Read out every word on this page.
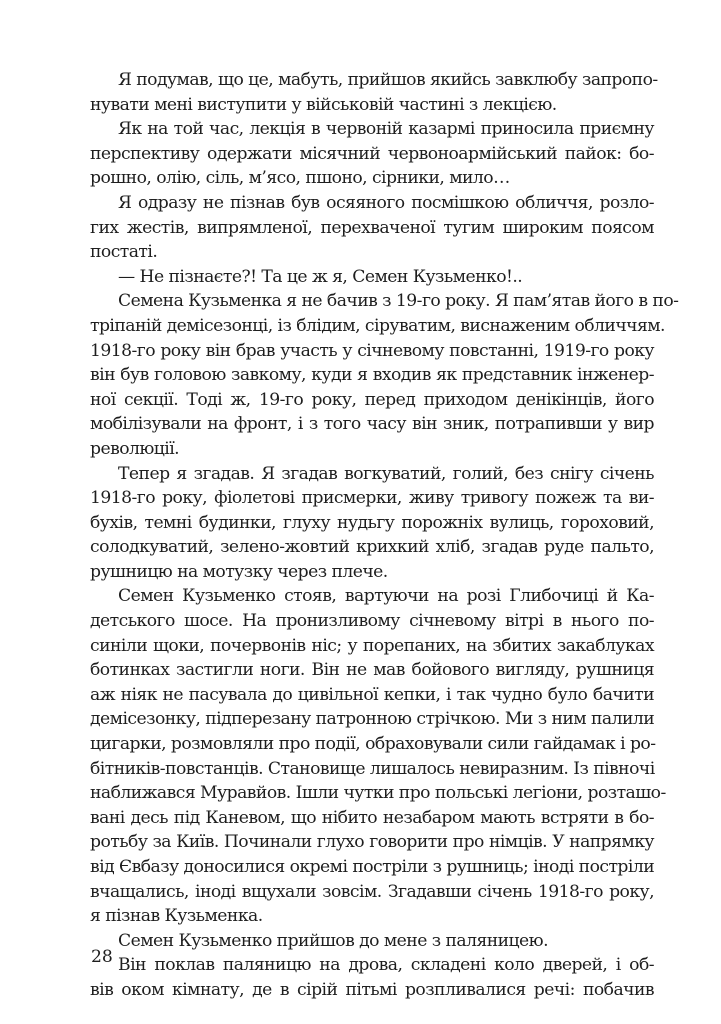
Я подумав, що це, мабуть, прийшов якийсь завклюбу запропо-
нувати мені виступити у військовій частині з лекцією.
Як на той час, лекція в червоній казармі приносила приємну
перспективу одержати місячний червоноармійський пайок: бо-
рошно, олію, сіль, м’ясо, пшоно, сірники, мило…
Я одразу не пізнав був осяяного посмішкою обличчя, розло-
гих жестів, випрямленої, перехваченої тугим широким поясом
постаті.
— Не пізнаєте?! Та це ж я, Семен Кузьменко!..
Семена Кузьменка я не бачив з 19-го року. Я пам’ятав його в по-
тріпаній демісезонці, із блідим, сіруватим, виснаженим обличчям.
1918-го року він брав участь у січневому повстанні, 1919-го року
він був головою завкому, куди я входив як представник інженер-
ної секції. Тоді ж, 19-го року, перед приходом денікінців, його
мобілізували на фронт, і з того часу він зник, потрапивши у вир
революції.
Тепер я згадав. Я згадав вогкуватий, голий, без снігу січень
1918-го року, фіолетові присмерки, живу тривогу пожеж та ви-
бухів, темні будинки, глуху нудьгу порожніх вулиць, гороховий,
солодкуватий, зелено-жовтий крихкий хліб, згадав руде пальто,
рушницю на мотузку через плече.
Семен Кузьменко стояв, вартуючи на розі Глибочиці й Ка-
детського шосе. На пронизливому січневому вітрі в нього по-
синіли щоки, почервонів ніс; у порепаних, на збитих закаблуках
ботинках застигли ноги. Він не мав бойового вигляду, рушниця
аж ніяк не пасувала до цивільної кепки, і так чудно було бачити
демісезонку, підперезану патронною стрічкою. Ми з ним палили
цигарки, розмовляли про події, обраховували сили гайдамак і ро-
бітників-повстанців. Становище лишалось невиразним. Із півночі
наближався Муравйов. Ішли чутки про польські легіони, розташо-
вані десь під Каневом, що нібито незабаром мають встряти в бо-
ротьбу за Київ. Починали глухо говорити про німців. У напрямку
від Євбазу доносилися окремі постріли з рушниць; іноді постріли
вчащались, іноді вщухали зовсім. Згадавши січень 1918-го року,
я пізнав Кузьменка.
Семен Кузьменко прийшов до мене з паляницею.
Він поклав паляницю на дрова, складені коло дверей, і об-
вів оком кімнату, де в сірій пітьмі розпливалися речі: побачив
28
